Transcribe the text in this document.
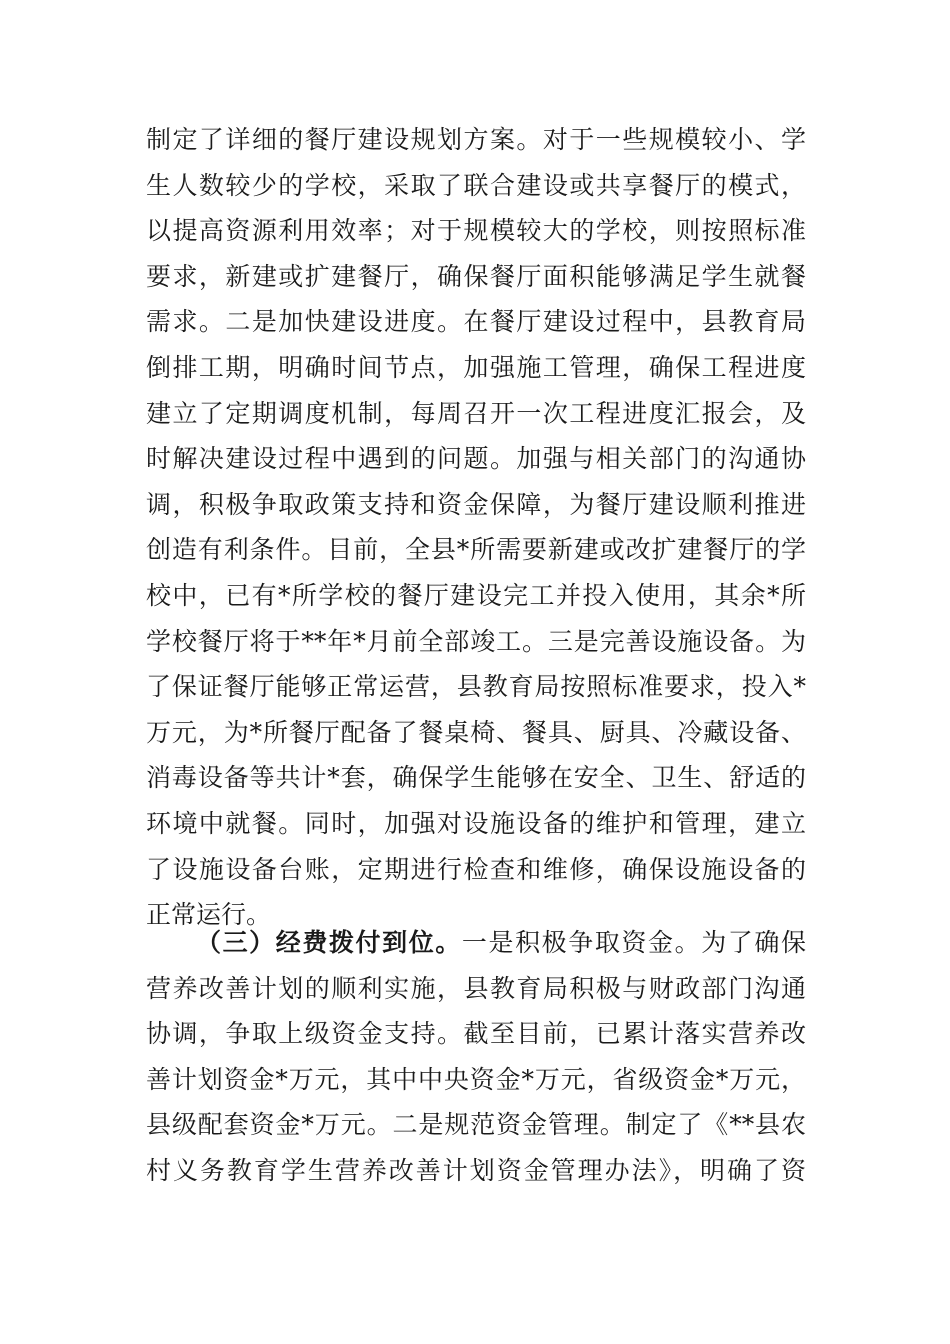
制定了详细的餐厅建设规划方案。对于一些规模较小、学
生人数较少的学校，采取了联合建设或共享餐厅的模式，
以提高资源利用效率；对于规模较大的学校，则按照标准
要求，新建或扩建餐厅，确保餐厅面积能够满足学生就餐
需求。二是加快建设进度。在餐厅建设过程中，县教育局
倒排工期，明确时间节点，加强施工管理，确保工程进度
建立了定期调度机制，每周召开一次工程进度汇报会，及
时解决建设过程中遇到的问题。加强与相关部门的沟通协
调，积极争取政策支持和资金保障，为餐厅建设顺利推进
创造有利条件。目前，全县*所需要新建或改扩建餐厅的学
校中，已有*所学校的餐厅建设完工并投入使用，其余*所
学校餐厅将于**年*月前全部竣工。三是完善设施设备。为
了保证餐厅能够正常运营，县教育局按照标准要求，投入*
万元，为*所餐厅配备了餐桌椅、餐具、厨具、冷藏设备、
消毒设备等共计*套，确保学生能够在安全、卫生、舒适的
环境中就餐。同时，加强对设施设备的维护和管理，建立
了设施设备台账，定期进行检查和维修，确保设施设备的
正常运行。
（三）经费拨付到位。一是积极争取资金。为了确保
营养改善计划的顺利实施，县教育局积极与财政部门沟通
协调，争取上级资金支持。截至目前，已累计落实营养改
善计划资金*万元，其中中央资金*万元，省级资金*万元，
县级配套资金*万元。二是规范资金管理。制定了《**县农
村义务教育学生营养改善计划资金管理办法》，明确了资
